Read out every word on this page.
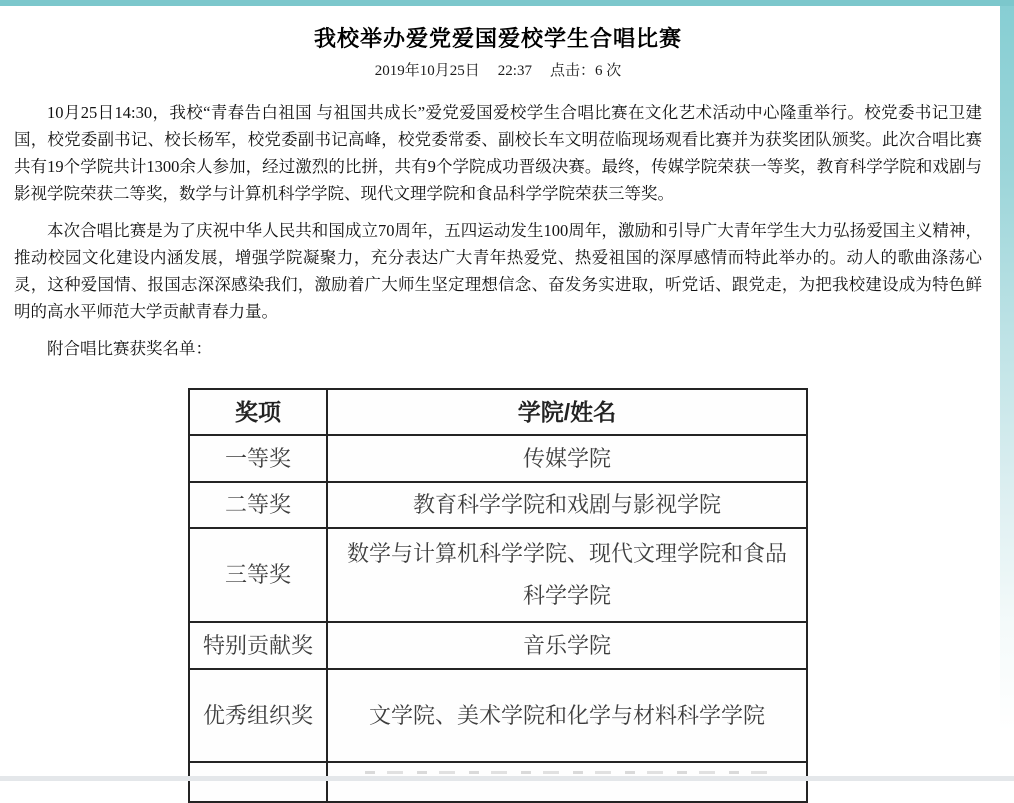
我校举办爱党爱国爱校学生合唱比赛
2019年10月25日 22:37 点击：6 次

10月25日14:30，我校“青春告白祖国 与祖国共成长”爱党爱国爱校学生合唱比赛在文化艺术活动中心隆重举行。校党委书记卫建国，校党委副书记、校长杨军，校党委副书记高峰，校党委常委、副校长车文明莅临现场观看比赛并为获奖团队颁奖。此次合唱比赛共有19个学院共计1300余人参加，经过激烈的比拼，共有9个学院成功晋级决赛。最终，传媒学院荣获一等奖，教育科学学院和戏剧与影视学院荣获二等奖，数学与计算机科学学院、现代文理学院和食品科学学院荣获三等奖。

本次合唱比赛是为了庆祝中华人民共和国成立70周年，五四运动发生100周年，激励和引导广大青年学生大力弘扬爱国主义精神，推动校园文化建设内涵发展，增强学院凝聚力，充分表达广大青年热爱党、热爱祖国的深厚感情而特此举办的。动人的歌曲涤荡心灵，这种爱国情、报国志深深感染我们，激励着广大师生坚定理想信念、奋发务实进取，听党话、跟党走，为把我校建设成为特色鲜明的高水平师范大学贡献青春力量。

附合唱比赛获奖名单：

奖项	学院/姓名
一等奖	传媒学院
二等奖	教育科学学院和戏剧与影视学院
三等奖	数学与计算机科学学院、现代文理学院和食品科学学院
特别贡献奖	音乐学院
优秀组织奖	文学院、美术学院和化学与材料科学学院
